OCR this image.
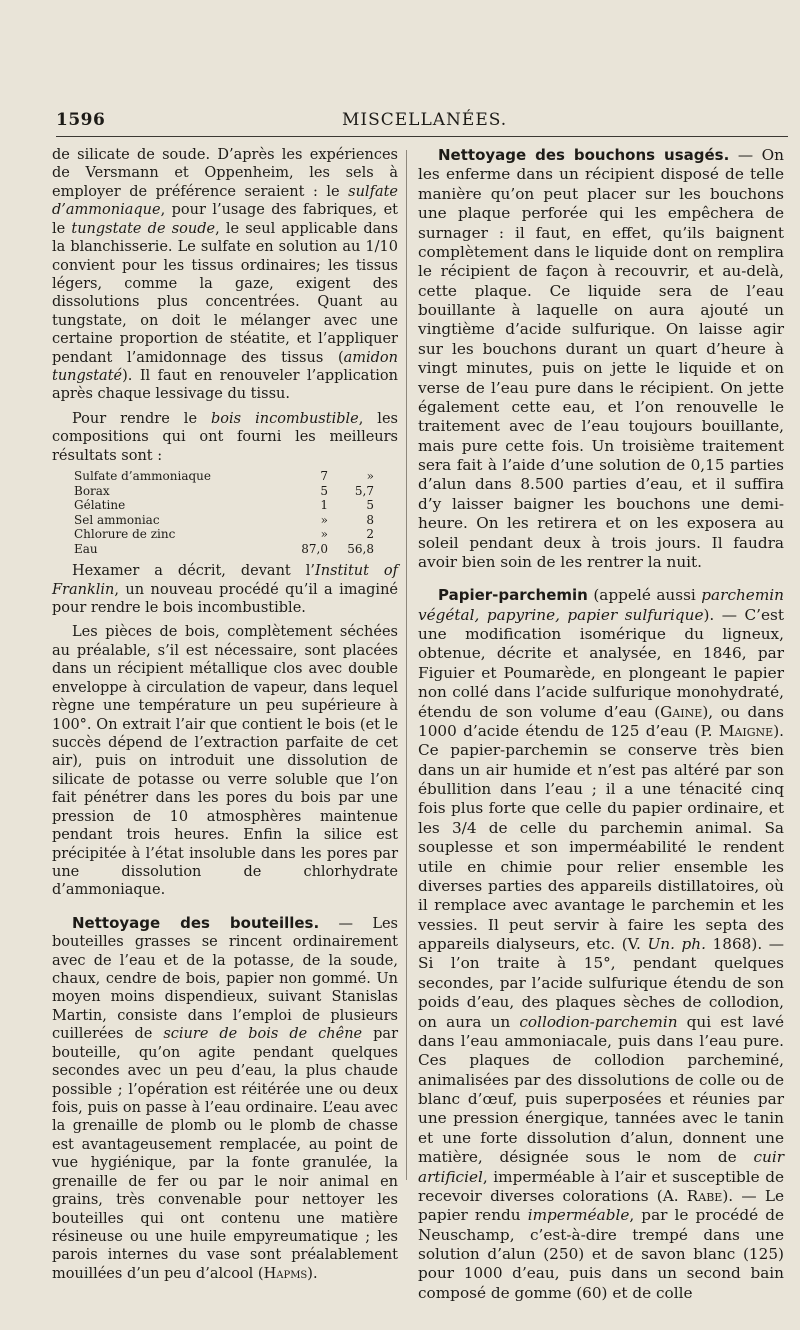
1596	MISCELLANÉES.

de silicate de soude. D’après les expériences de Versmann et Oppenheim, les sels à employer de préférence seraient : le sulfate d’ammoniaque, pour l’usage des fabriques, et le tungstate de soude, le seul applicable dans la blanchisserie. Le sulfate en solution au 1/10 convient pour les tissus ordinaires; les tissus légers, comme la gaze, exigent des dissolutions plus concentrées. Quant au tungstate, on doit le mélanger avec une certaine proportion de stéatite, et l’appliquer pendant l’amidonnage des tissus (amidon tungstaté). Il faut en renouveler l’application après chaque lessivage du tissu.

Pour rendre le bois incombustible, les compositions qui ont fourni les meilleurs résultats sont :

Sulfate d’ammoniaque	7	»
Borax	5	5,7
Gélatine	1	5
Sel ammoniac	»	8
Chlorure de zinc	»	2
Eau	87,0	56,8

Hexamer a décrit, devant l’Institut of Franklin, un nouveau procédé qu’il a imaginé pour rendre le bois incombustible.

Les pièces de bois, complètement séchées au préalable, s’il est nécessaire, sont placées dans un récipient métallique clos avec double enveloppe à circulation de vapeur, dans lequel règne une température un peu supérieure à 100°. On extrait l’air que contient le bois (et le succès dépend de l’extraction parfaite de cet air), puis on introduit une dissolution de silicate de potasse ou verre soluble que l’on fait pénétrer dans les pores du bois par une pression de 10 atmosphères maintenue pendant trois heures. Enfin la silice est précipitée à l’état insoluble dans les pores par une dissolution de chlorhydrate d’ammoniaque.

Nettoyage des bouteilles. — Les bouteilles grasses se rincent ordinairement avec de l’eau et de la potasse, de la soude, chaux, cendre de bois, papier non gommé. Un moyen moins dispendieux, suivant Stanislas Martin, consiste dans l’emploi de plusieurs cuillerées de sciure de bois de chêne par bouteille, qu’on agite pendant quelques secondes avec un peu d’eau, la plus chaude possible ; l’opération est réitérée une ou deux fois, puis on passe à l’eau ordinaire. L’eau avec la grenaille de plomb ou le plomb de chasse est avantageusement remplacée, au point de vue hygiénique, par la fonte granulée, la grenaille de fer ou par le noir animal en grains, très convenable pour nettoyer les bouteilles qui ont contenu une matière résineuse ou une huile empyreumatique ; les parois internes du vase sont préalablement mouillées d’un peu d’alcool (Hapms).

Nettoyage des bouchons usagés. — On les enferme dans un récipient disposé de telle manière qu’on peut placer sur les bouchons une plaque perforée qui les empêchera de surnager : il faut, en effet, qu’ils baignent complètement dans le liquide dont on remplira le récipient de façon à recouvrir, et au-delà, cette plaque. Ce liquide sera de l’eau bouillante à laquelle on aura ajouté un vingtième d’acide sulfurique. On laisse agir sur les bouchons durant un quart d’heure à vingt minutes, puis on jette le liquide et on verse de l’eau pure dans le récipient. On jette également cette eau, et l’on renouvelle le traitement avec de l’eau toujours bouillante, mais pure cette fois. Un troisième traitement sera fait à l’aide d’une solution de 0,15 parties d’alun dans 8.500 parties d’eau, et il suffira d’y laisser baigner les bouchons une demi-heure. On les retirera et on les exposera au soleil pendant deux à trois jours. Il faudra avoir bien soin de les rentrer la nuit.

Papier-parchemin (appelé aussi parchemin végétal, papyrine, papier sulfurique). — C’est une modification isomérique du ligneux, obtenue, décrite et analysée, en 1846, par Figuier et Poumarède, en plongeant le papier non collé dans l’acide sulfurique monohydraté, étendu de son volume d’eau (Gaine), ou dans 1000 d’acide étendu de 125 d’eau (P. Maigne). Ce papier-parchemin se conserve très bien dans un air humide et n’est pas altéré par son ébullition dans l’eau ; il a une ténacité cinq fois plus forte que celle du papier ordinaire, et les 3/4 de celle du parchemin animal. Sa souplesse et son imperméabilité le rendent utile en chimie pour relier ensemble les diverses parties des appareils distillatoires, où il remplace avec avantage le parchemin et les vessies. Il peut servir à faire les septa des appareils dialyseurs, etc. (V. Un. ph. 1868). — Si l’on traite à 15°, pendant quelques secondes, par l’acide sulfurique étendu de son poids d’eau, des plaques sèches de collodion, on aura un collodion-parchemin qui est lavé dans l’eau ammoniacale, puis dans l’eau pure. Ces plaques de collodion parcheminé, animalisées par des dissolutions de colle ou de blanc d’œuf, puis superposées et réunies par une pression énergique, tannées avec le tanin et une forte dissolution d’alun, donnent une matière, désignée sous le nom de cuir artificiel, imperméable à l’air et susceptible de recevoir diverses colorations (A. Rabe). — Le papier rendu imperméable, par le procédé de Neuschamp, c’est-à-dire trempé dans une solution d’alun (250) et de savon blanc (125) pour 1000 d’eau, puis dans un second bain composé de gomme (60) et de colle
